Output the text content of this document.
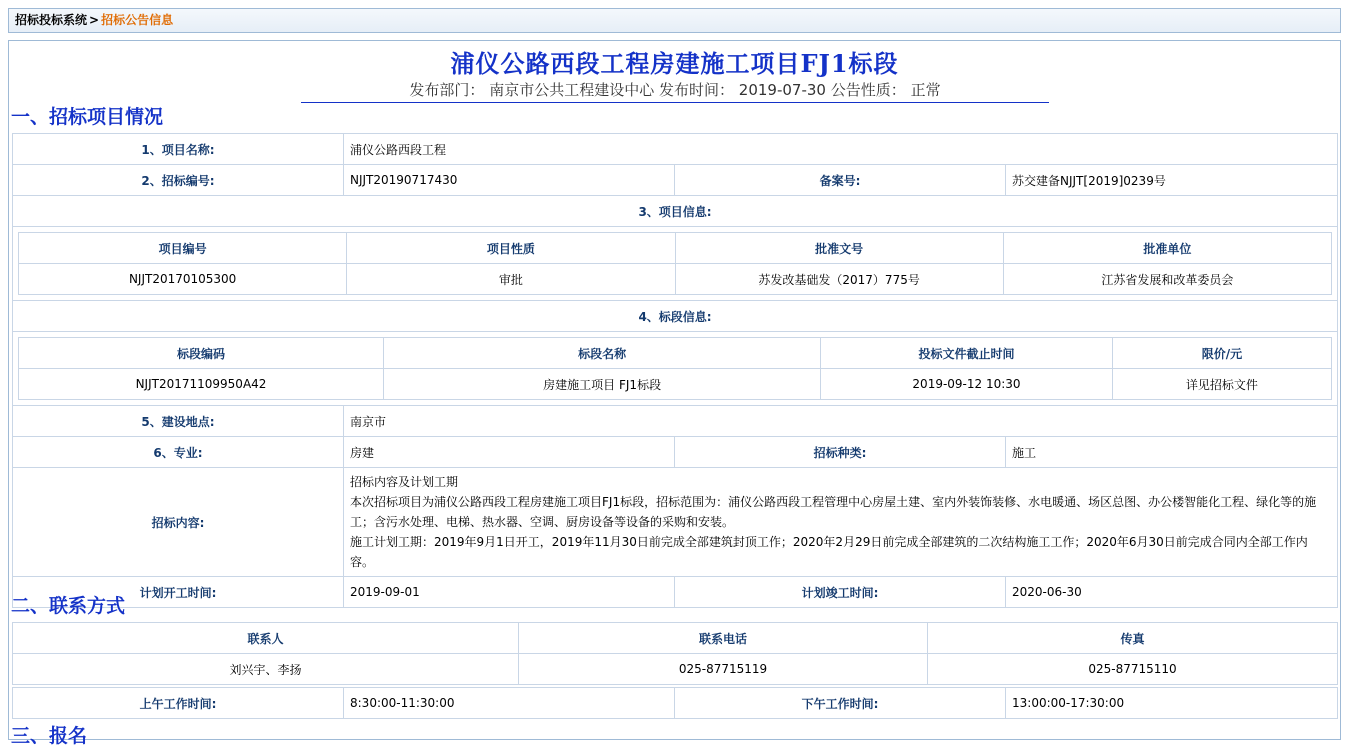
招标投标系统 > 招标公告信息
浦仪公路西段工程房建施工项目FJ1标段
发布部门： 南京市公共工程建设中心 发布时间： 2019-07-30 公告性质： 正常
一、招标项目情况
1、项目名称:	浦仪公路西段工程
2、招标编号:	NJJT20190717430	备案号:	苏交建备NJJT[2019]0239号
3、项目信息:

项目编号	项目性质	批准文号	批准单位
NJJT20170105300	审批	苏发改基础发（2017）775号	江苏省发展和改革委员会

4、标段信息:

标段编码	标段名称	投标文件截止时间	限价/元
NJJT20171109950A42	房建施工项目 FJ1标段	2019-09-12 10:30	详见招标文件

5、建设地点:	南京市
6、专业:	房建	招标种类:	施工
招标内容:	
招标内容及计划工期
本次招标项目为浦仪公路西段工程房建施工项目FJ1标段，招标范围为：浦仪公路西段工程管理中心房屋土建、室内外装饰装修、水电暖通、场区总图、办公楼智能化工程、绿化等的施工；含污水处理、电梯、热水器、空调、厨房设备等设备的采购和安装。
施工计划工期：2019年9月1日开工，2019年11月30日前完成全部建筑封顶工作；2020年2月29日前完成全部建筑的二次结构施工工作；2020年6月30日前完成合同内全部工作内容。

计划开工时间:	2019-09-01	计划竣工时间:	2020-06-30
二、联系方式
联系人	联系电话	传真
刘兴宇、李扬	025-87715119	025-87715110
上午工作时间:	8:30:00-11:30:00	下午工作时间:	13:00:00-17:30:00
三、报名
